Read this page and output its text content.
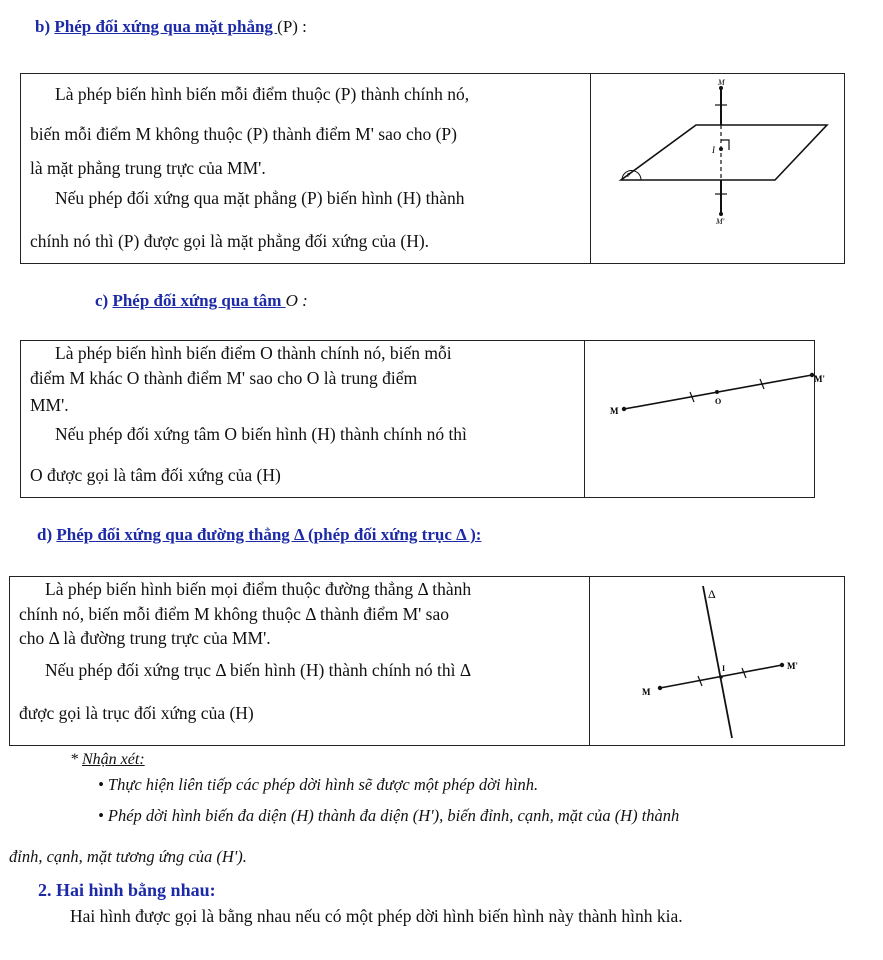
b) Phép đối xứng qua mặt phẳng (P) :
Là phép biến hình biến mỗi điểm thuộc (P) thành chính nó,
biến mỗi điểm M không thuộc (P) thành điểm M' sao cho (P)
là mặt phẳng trung trực của MM'.
Nếu phép đối xứng qua mặt phẳng (P) biến hình (H) thành
chính nó thì (P) được gọi là mặt phẳng đối xứng của (H).
M
I
P
M'
c) Phép đối xứng qua tâm O :
Là phép biến hình biến điểm O thành chính nó, biến mỗi
điểm M khác O thành điểm M' sao cho O là trung điểm
MM'.
Nếu phép đối xứng tâm O biến hình (H) thành chính nó thì
O được gọi là tâm đối xứng của (H)
M
O
M'
d) Phép đối xứng qua đường thẳng Δ (phép đối xứng trục Δ ):
Là phép biến hình biến mọi điểm thuộc đường thẳng Δ thành
chính nó, biến mỗi điểm M không thuộc Δ thành điểm M' sao
cho Δ là đường trung trực của MM'.
Nếu phép đối xứng trục Δ biến hình (H) thành chính nó thì Δ
được gọi là trục đối xứng của (H)
Δ
M
I	M'
* Nhận xét:
• Thực hiện liên tiếp các phép dời hình sẽ được một phép dời hình.
• Phép dời hình biến đa diện (H) thành đa diện (H'), biến đỉnh, cạnh, mặt của (H) thành
đỉnh, cạnh, mặt tương ứng của (H').
2. Hai hình bằng nhau:
Hai hình được gọi là bằng nhau nếu có một phép dời hình biến hình này thành hình kia.
